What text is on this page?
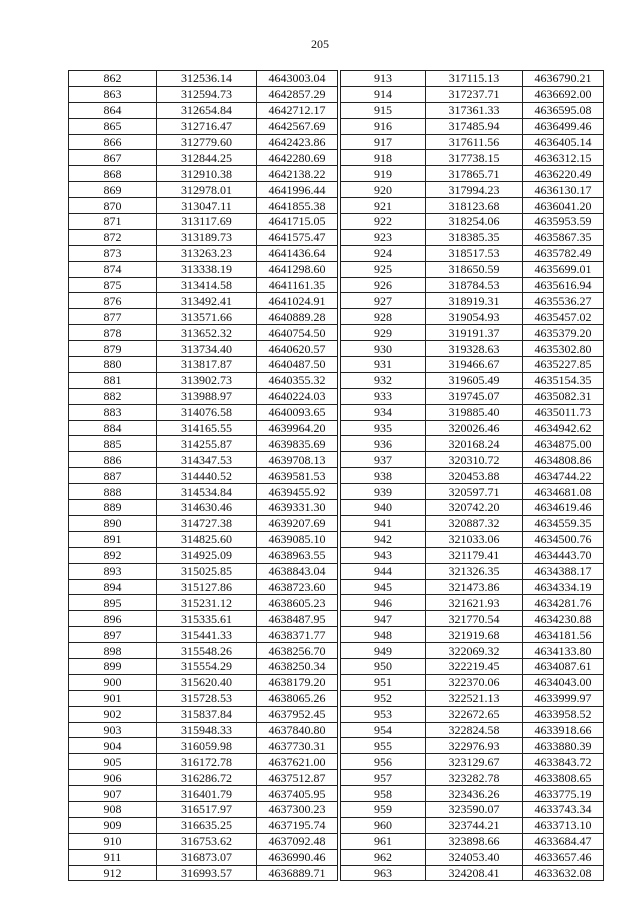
205
862	312536.14	4643003.04
863	312594.73	4642857.29
864	312654.84	4642712.17
865	312716.47	4642567.69
866	312779.60	4642423.86
867	312844.25	4642280.69
868	312910.38	4642138.22
869	312978.01	4641996.44
870	313047.11	4641855.38
871	313117.69	4641715.05
872	313189.73	4641575.47
873	313263.23	4641436.64
874	313338.19	4641298.60
875	313414.58	4641161.35
876	313492.41	4641024.91
877	313571.66	4640889.28
878	313652.32	4640754.50
879	313734.40	4640620.57
880	313817.87	4640487.50
881	313902.73	4640355.32
882	313988.97	4640224.03
883	314076.58	4640093.65
884	314165.55	4639964.20
885	314255.87	4639835.69
886	314347.53	4639708.13
887	314440.52	4639581.53
888	314534.84	4639455.92
889	314630.46	4639331.30
890	314727.38	4639207.69
891	314825.60	4639085.10
892	314925.09	4638963.55
893	315025.85	4638843.04
894	315127.86	4638723.60
895	315231.12	4638605.23
896	315335.61	4638487.95
897	315441.33	4638371.77
898	315548.26	4638256.70
899	315554.29	4638250.34
900	315620.40	4638179.20
901	315728.53	4638065.26
902	315837.84	4637952.45
903	315948.33	4637840.80
904	316059.98	4637730.31
905	316172.78	4637621.00
906	316286.72	4637512.87
907	316401.79	4637405.95
908	316517.97	4637300.23
909	316635.25	4637195.74
910	316753.62	4637092.48
911	316873.07	4636990.46
912	316993.57	4636889.71
913	317115.13	4636790.21
914	317237.71	4636692.00
915	317361.33	4636595.08
916	317485.94	4636499.46
917	317611.56	4636405.14
918	317738.15	4636312.15
919	317865.71	4636220.49
920	317994.23	4636130.17
921	318123.68	4636041.20
922	318254.06	4635953.59
923	318385.35	4635867.35
924	318517.53	4635782.49
925	318650.59	4635699.01
926	318784.53	4635616.94
927	318919.31	4635536.27
928	319054.93	4635457.02
929	319191.37	4635379.20
930	319328.63	4635302.80
931	319466.67	4635227.85
932	319605.49	4635154.35
933	319745.07	4635082.31
934	319885.40	4635011.73
935	320026.46	4634942.62
936	320168.24	4634875.00
937	320310.72	4634808.86
938	320453.88	4634744.22
939	320597.71	4634681.08
940	320742.20	4634619.46
941	320887.32	4634559.35
942	321033.06	4634500.76
943	321179.41	4634443.70
944	321326.35	4634388.17
945	321473.86	4634334.19
946	321621.93	4634281.76
947	321770.54	4634230.88
948	321919.68	4634181.56
949	322069.32	4634133.80
950	322219.45	4634087.61
951	322370.06	4634043.00
952	322521.13	4633999.97
953	322672.65	4633958.52
954	322824.58	4633918.66
955	322976.93	4633880.39
956	323129.67	4633843.72
957	323282.78	4633808.65
958	323436.26	4633775.19
959	323590.07	4633743.34
960	323744.21	4633713.10
961	323898.66	4633684.47
962	324053.40	4633657.46
963	324208.41	4633632.08
